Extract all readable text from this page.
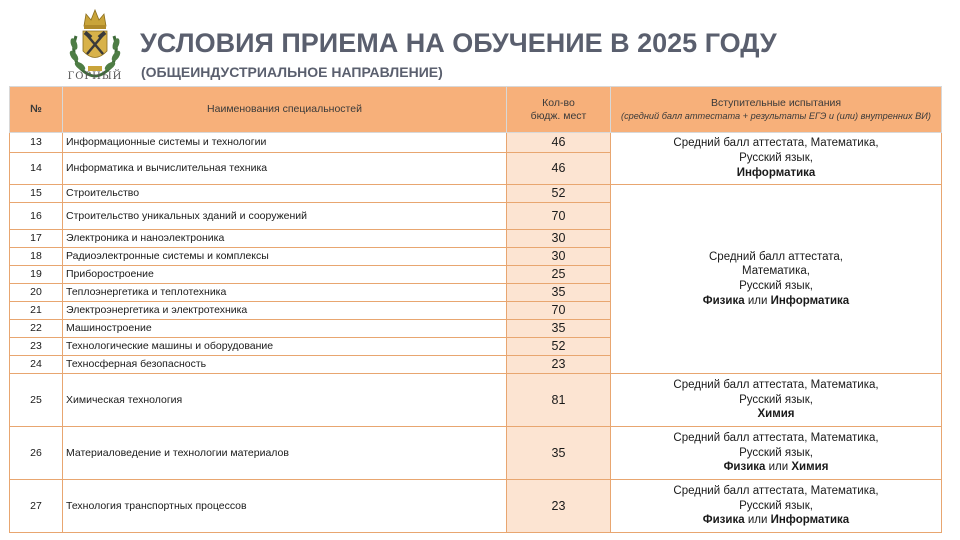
ГОРНЫЙ
УСЛОВИЯ ПРИЕМА НА ОБУЧЕНИЕ В 2025 ГОДУ
(ОБЩЕИНДУСТРИАЛЬНОЕ НАПРАВЛЕНИЕ)
№	Наименования специальностей	Кол-во
бюдж. мест	Вступительные испытания
(средний балл аттестата + результаты ЕГЭ и (или) внутренних ВИ)

13	Информационные системы и технологии	46	Средний балл аттестата, Математика,
Русский язык,
Информатика
14	Информатика и вычислительная техника	46	
15	Строительство	52	Средний балл аттестата,
Математика,
Русский язык,
Физика или Информатика
16	Строительство уникальных зданий и сооружений	70	
17	Электроника и наноэлектроника	30	
18	Радиоэлектронные системы и комплексы	30	
19	Приборостроение	25	
20	Теплоэнергетика и теплотехника	35	
21	Электроэнергетика и электротехника	70	
22	Машиностроение	35	
23	Технологические машины и оборудование	52	
24	Техносферная безопасность	23	
25	Химическая технология	81	Средний балл аттестата, Математика,
Русский язык,
Химия
26	Материаловедение и технологии материалов	35	Средний балл аттестата, Математика,
Русский язык,
Физика или Химия
27	Технология транспортных процессов	23	Средний балл аттестата, Математика,
Русский язык,
Физика или Информатика
